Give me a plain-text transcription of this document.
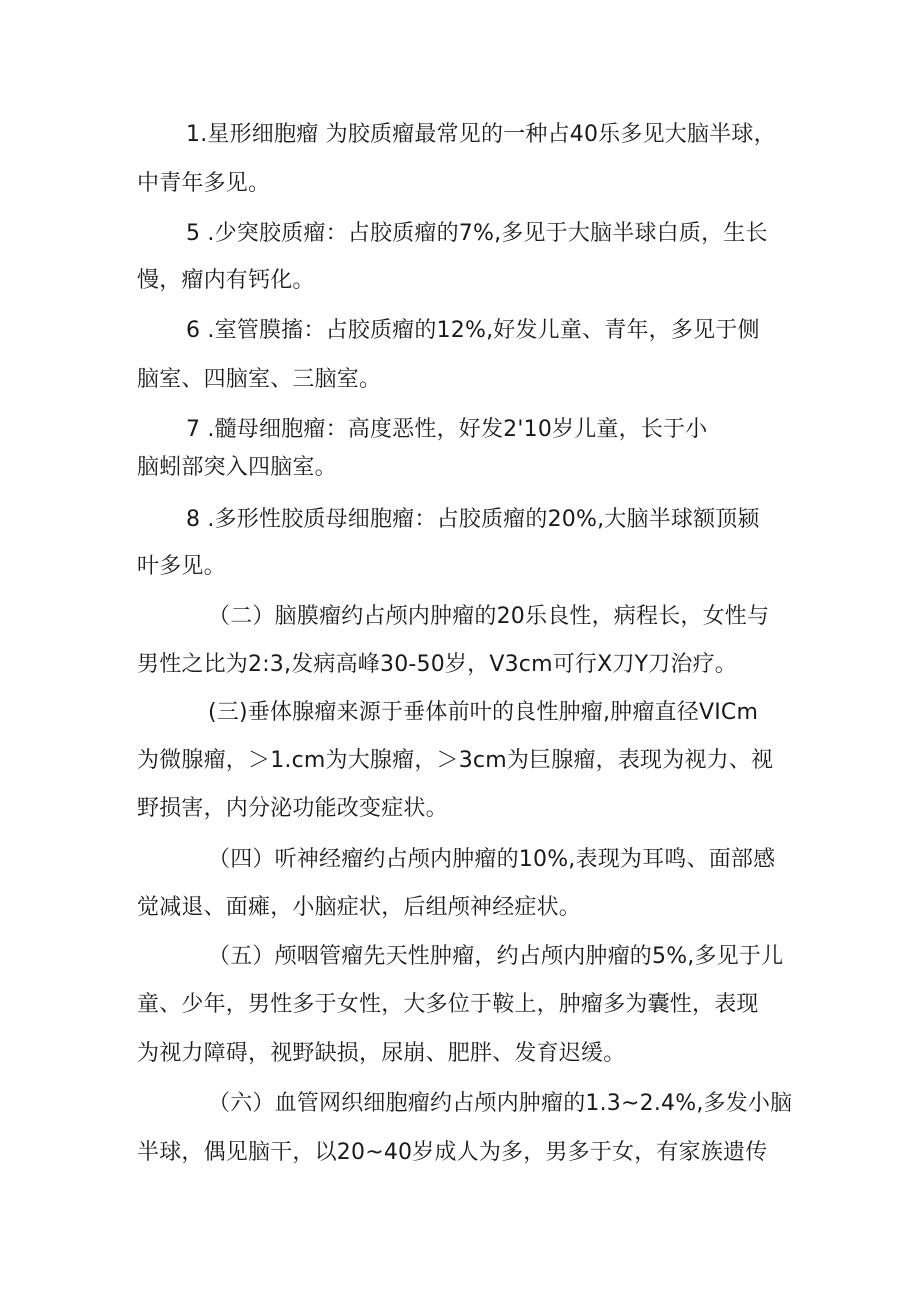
1.星形细胞瘤 为胶质瘤最常见的一种占40乐多见大脑半球，
中青年多见。
5 .少突胶质瘤：占胶质瘤的7%,多见于大脑半球白质，生长
慢，瘤内有钙化。
6 .室管膜搐：占胶质瘤的12%,好发儿童、青年，多见于侧
脑室、四脑室、三脑室。
7 .髓母细胞瘤：高度恶性，好发2'10岁儿童，长于小
脑蚓部突入四脑室。
8 .多形性胶质母细胞瘤：占胶质瘤的20%,大脑半球额顶颍
叶多见。
（二）脑膜瘤约占颅内肿瘤的20乐良性，病程长，女性与
男性之比为2:3,发病高峰30-50岁，V3cm可行X刀Y刀治疗。
(三)垂体腺瘤来源于垂体前叶的良性肿瘤,肿瘤直径VICm
为微腺瘤，＞1.cm为大腺瘤，＞3cm为巨腺瘤，表现为视力、视
野损害，内分泌功能改变症状。
（四）听神经瘤约占颅内肿瘤的10%,表现为耳鸣、面部感
觉减退、面瘫，小脑症状，后组颅神经症状。
（五）颅咽管瘤先天性肿瘤，约占颅内肿瘤的5%,多见于儿
童、少年，男性多于女性，大多位于鞍上，肿瘤多为囊性，表现
为视力障碍，视野缺损，尿崩、肥胖、发育迟缓。
（六）血管网织细胞瘤约占颅内肿瘤的1.3~2.4%,多发小脑
半球，偶见脑干，以20~40岁成人为多，男多于女，有家族遗传
